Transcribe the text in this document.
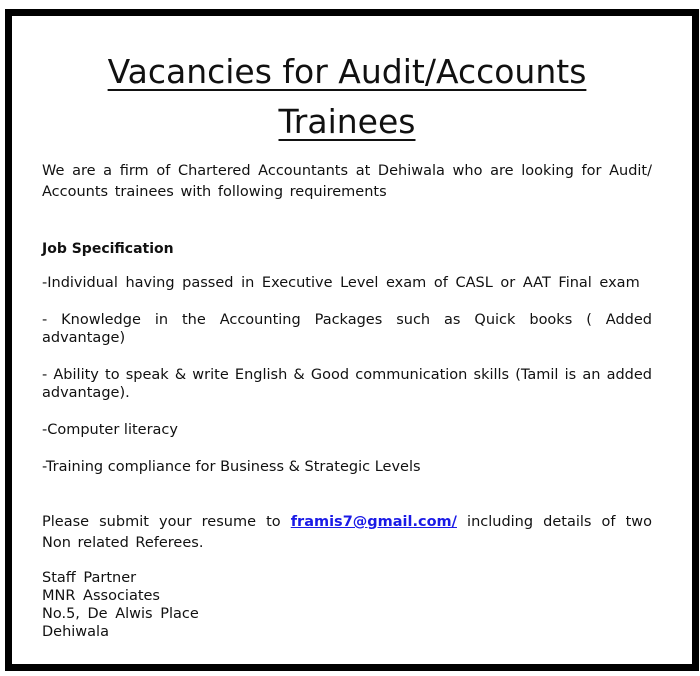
Vacancies for Audit/Accounts
Trainees

We are a firm of Chartered Accountants at Dehiwala who are looking for Audit/ Accounts trainees with following requirements

Job Specification

-Individual having passed in Executive Level exam of CASL or AAT Final exam

- Knowledge in the Accounting Packages such as Quick books ( Added advantage)

- Ability to speak & write English & Good communication skills (Tamil is an added advantage).

-Computer literacy

-Training compliance for Business & Strategic Levels

Please submit your resume to framis7@gmail.com/ including details of two Non related Referees.

Staff Partner
MNR Associates
No.5, De Alwis Place
Dehiwala
